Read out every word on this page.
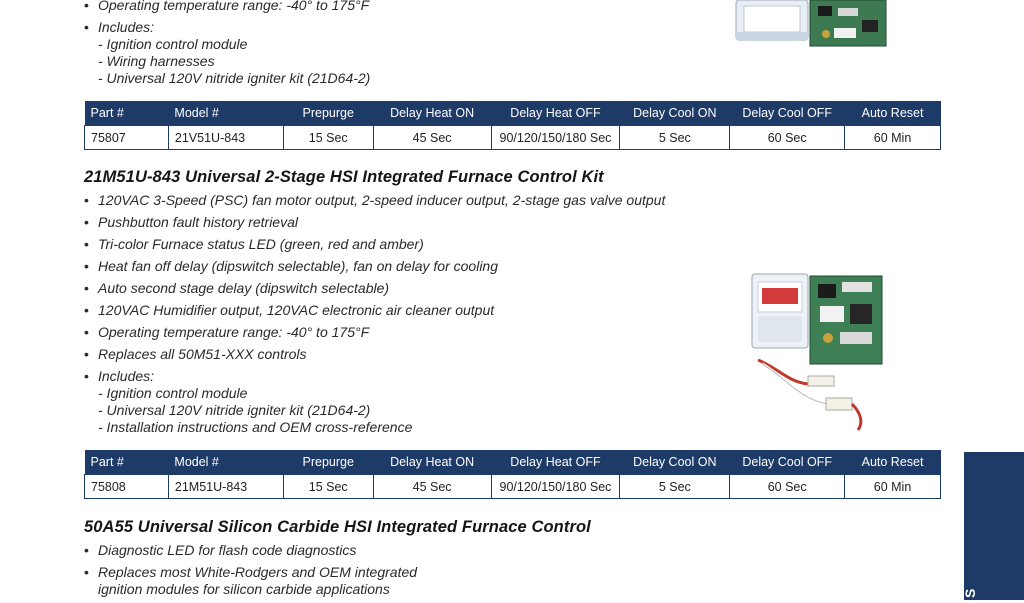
• Operating temperature range: -40° to 175°F
• Includes:
- Ignition control module
- Wiring harnesses
- Universal 120V nitride igniter kit (21D64-2)
Part #	Model #	Prepurge	Delay Heat ON	Delay Heat OFF	Delay Cool ON	Delay Cool OFF	Auto Reset
75807	21V51U-843	15 Sec	45 Sec	90/120/150/180 Sec	5 Sec	60 Sec	60 Min
21M51U-843 Universal 2-Stage HSI Integrated Furnace Control Kit
• 120VAC 3-Speed (PSC) fan motor output, 2-speed inducer output, 2-stage gas valve output
• Pushbutton fault history retrieval
• Tri-color Furnace status LED (green, red and amber)
• Heat fan off delay (dipswitch selectable), fan on delay for cooling
• Auto second stage delay (dipswitch selectable)
• 120VAC Humidifier output, 120VAC electronic air cleaner output
• Operating temperature range: -40° to 175°F
• Replaces all 50M51-XXX controls
• Includes:
- Ignition control module
- Universal 120V nitride igniter kit (21D64-2)
- Installation instructions and OEM cross-reference
Part #	Model #	Prepurge	Delay Heat ON	Delay Heat OFF	Delay Cool ON	Delay Cool OFF	Auto Reset
75808	21M51U-843	15 Sec	45 Sec	90/120/150/180 Sec	5 Sec	60 Sec	60 Min
50A55 Universal Silicon Carbide HSI Integrated Furnace Control
• Diagnostic LED for flash code diagnostics
• Replaces most White-Rodgers and OEM integrated
ignition modules for silicon carbide applications	S
